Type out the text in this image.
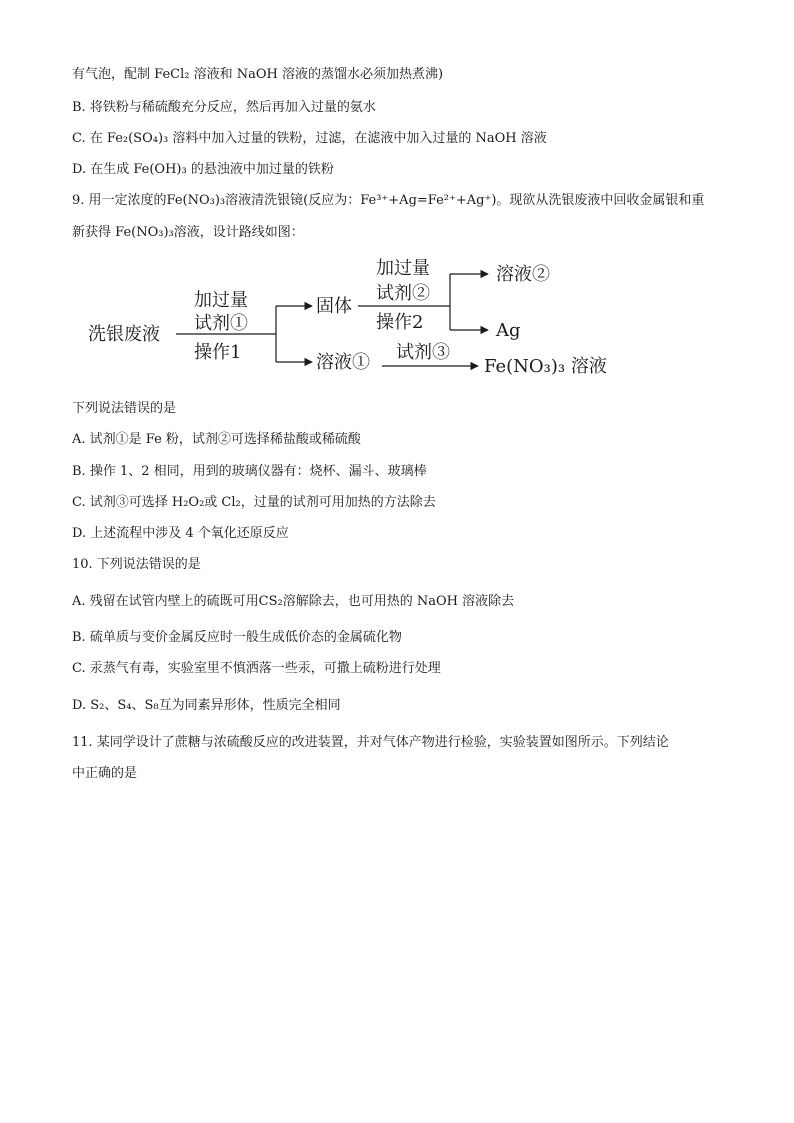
有气泡，配制 FeCl₂ 溶液和 NaOH 溶液的蒸馏水必须加热煮沸)
B. 将铁粉与稀硫酸充分反应，然后再加入过量的氨水
C. 在 Fe₂(SO₄)₃ 溶料中加入过量的铁粉，过滤，在滤液中加入过量的 NaOH 溶液
D. 在生成 Fe(OH)₃ 的悬浊液中加过量的铁粉
9. 用一定浓度的Fe(NO₃)₃溶液清洗银镜(反应为：Fe³⁺+Ag=Fe²⁺+Ag⁺)。现欲从洗银废液中回收金属银和重
新获得 Fe(NO₃)₃溶液，设计路线如图：
洗银废液
加过量
试剂①
操作1
固体
溶液①
加过量
试剂②
操作2
溶液②
Ag
试剂③
Fe(NO₃)₃ 溶液
下列说法错误的是
A. 试剂①是 Fe 粉，试剂②可选择稀盐酸或稀硫酸
B. 操作 1、2 相同，用到的玻璃仪器有：烧杯、漏斗、玻璃棒
C. 试剂③可选择 H₂O₂或 Cl₂，过量的试剂可用加热的方法除去
D. 上述流程中涉及 4 个氧化还原反应
10. 下列说法错误的是
A. 残留在试管内壁上的硫既可用CS₂溶解除去，也可用热的 NaOH 溶液除去
B. 硫单质与变价金属反应时一般生成低价态的金属硫化物
C. 汞蒸气有毒，实验室里不慎洒落一些汞，可撒上硫粉进行处理
D. S₂、S₄、S₈互为同素异形体，性质完全相同
11. 某同学设计了蔗糖与浓硫酸反应的改进装置，并对气体产物进行检验，实验装置如图所示。下列结论
中正确的是
